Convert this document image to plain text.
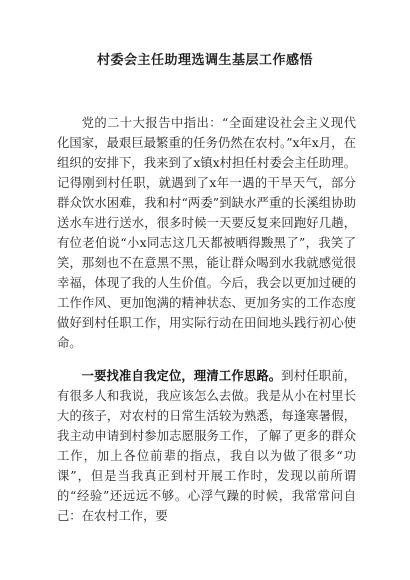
村委会主任助理选调生基层工作感悟

党的二十大报告中指出：“全面建设社会主义现代化国家，最艰巨最繁重的任务仍然在农村。”x年x月，在组织的安排下，我来到了x镇x村担任村委会主任助理。记得刚到村任职，就遇到了x年一遇的干旱天气，部分群众饮水困难，我和村“两委”到缺水严重的长溪组协助送水车进行送水，很多时候一天要反复来回跑好几趟，有位老伯说“小x同志这几天都被晒得黢黑了”，我笑了笑，那刻也不在意黑不黑，能让群众喝到水我就感觉很幸福，体现了我的人生价值。今后，我会以更加过硬的工作作风、更加饱满的精神状态、更加务实的工作态度做好到村任职工作，用实际行动在田间地头践行初心使命。

一要找准自我定位，理清工作思路。到村任职前，有很多人和我说，我应该怎么去做。我是从小在村里长大的孩子，对农村的日常生活较为熟悉，每逢寒暑假，我主动申请到村参加志愿服务工作，了解了更多的群众工作，加上各位前辈的指点，我自以为做了很多“功课”，但是当我真正到村开展工作时，发现以前所谓的“经验”还远远不够。心浮气躁的时候，我常常问自己：在农村工作，要
